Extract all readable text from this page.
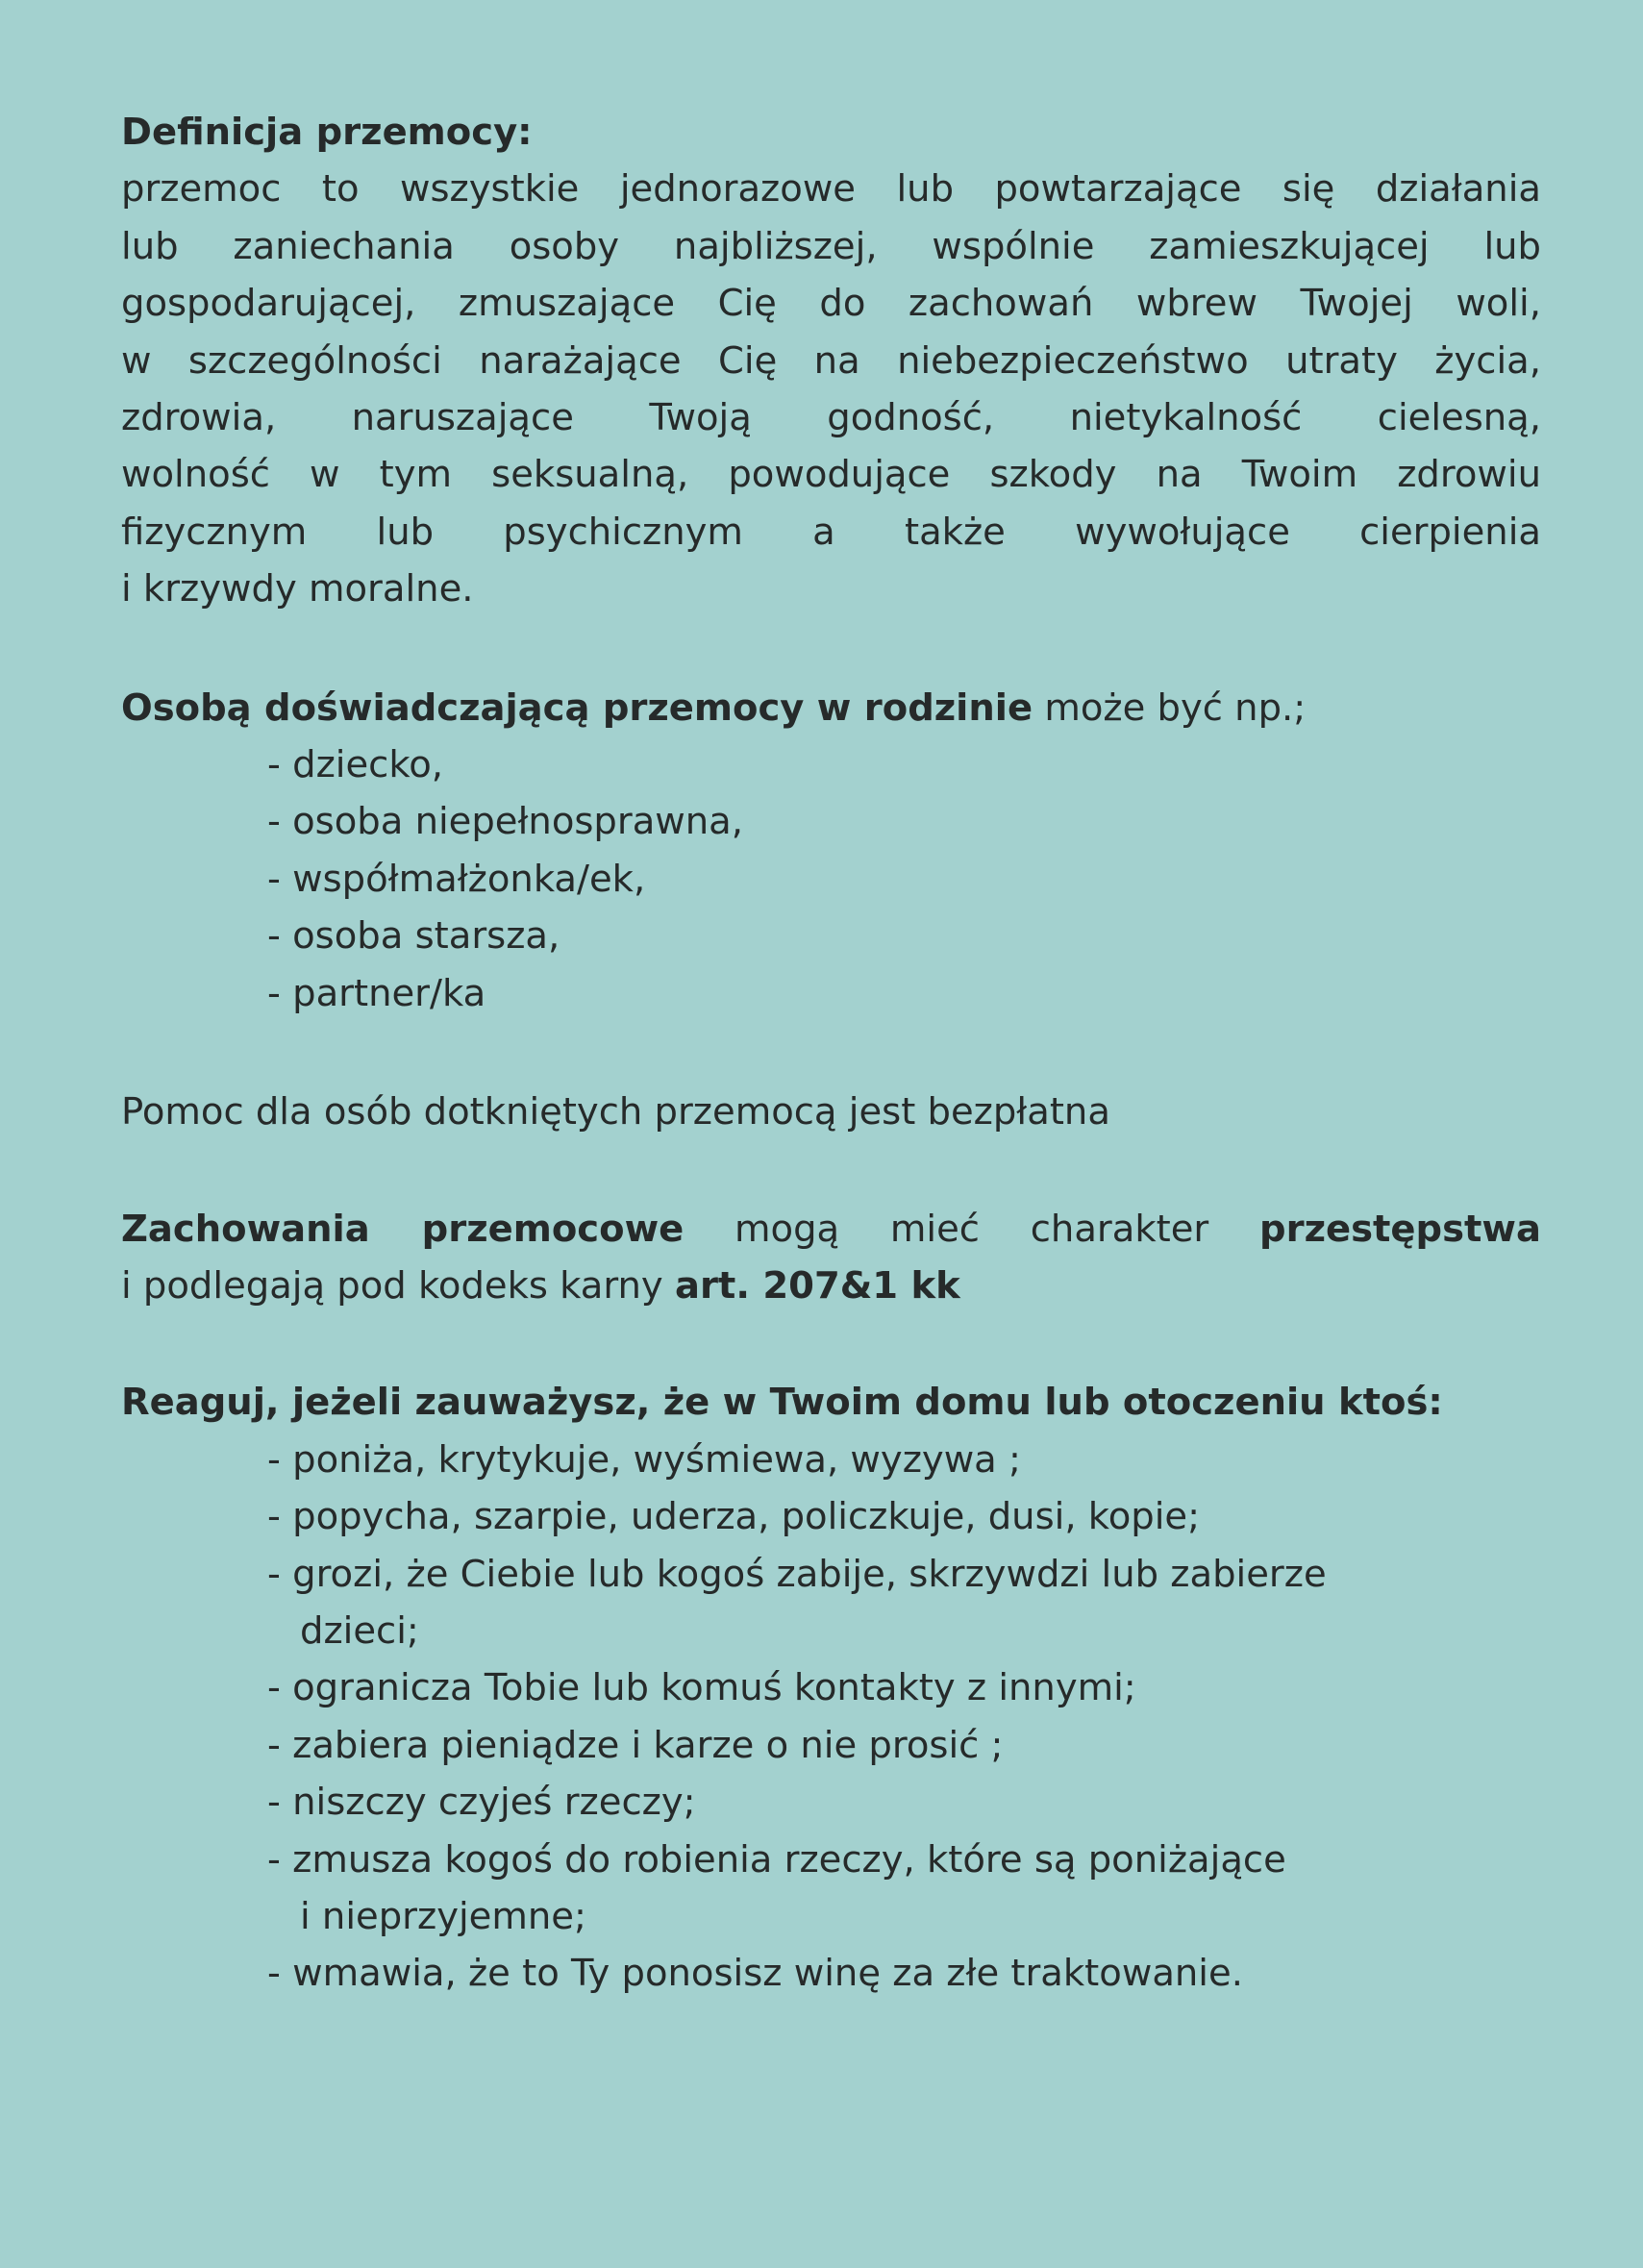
Definicja przemocy:

przemoc to wszystkie jednorazowe lub powtarzające się działania
lub zaniechania osoby najbliższej, wspólnie zamieszkującej lub
gospodarującej, zmuszające Cię do zachowań wbrew Twojej woli,
w szczególności narażające Cię na niebezpieczeństwo utraty życia,
zdrowia, naruszające Twoją godność, nietykalność cielesną,
wolność w tym seksualną, powodujące szkody na Twoim zdrowiu
fizycznym lub psychicznym a także wywołujące cierpienia
i krzywdy moralne.

Osobą doświadczającą przemocy w rodzinie może być np.;

- dziecko,
- osoba niepełnosprawna,
- współmałżonka/ek,
- osoba starsza,
- partner/ka

Pomoc dla osób dotkniętych przemocą jest bezpłatna

Zachowania przemocowe mogą mieć charakter przestępstwa

i podlegają pod kodeks karny art. 207&1 kk

Reaguj, jeżeli zauważysz, że w Twoim domu lub otoczeniu ktoś:

- poniża, krytykuje, wyśmiewa, wyzywa ;
- popycha, szarpie, uderza, policzkuje, dusi, kopie;
- grozi, że Ciebie lub kogoś zabije, skrzywdzi lub zabierze
dzieci;
- ogranicza Tobie lub komuś kontakty z innymi;
- zabiera pieniądze i karze o nie prosić ;
- niszczy czyjeś rzeczy;
- zmusza kogoś do robienia rzeczy, które są poniżające
i nieprzyjemne;
- wmawia, że to Ty ponosisz winę za złe traktowanie.
